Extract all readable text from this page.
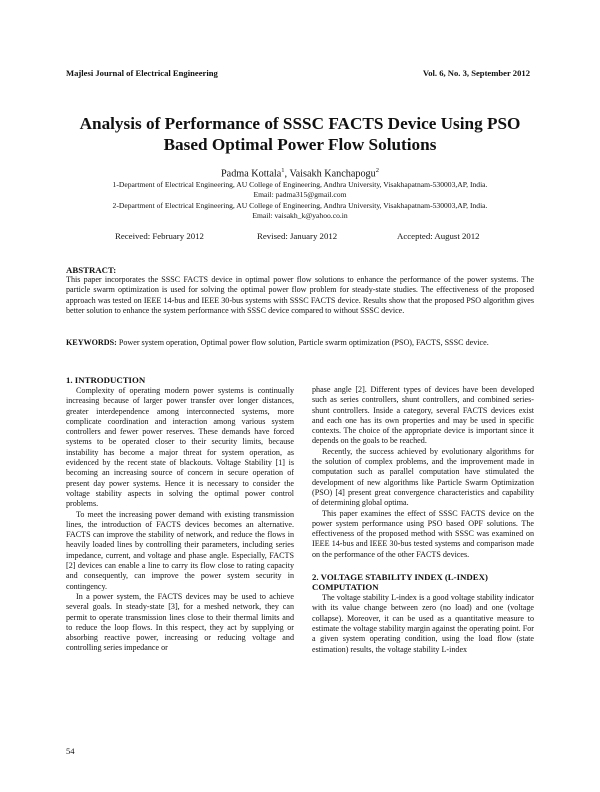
Majlesi Journal of Electrical Engineering	Vol. 6, No. 3, September 2012
Analysis of Performance of SSSC FACTS Device Using PSO
Based Optimal Power Flow Solutions
Padma Kottala$^1$, Vaisakh Kanchapogu$^2$
1-Department of Electrical Engineering, AU College of Engineering, Andhra University, Visakhapatnam-530003,AP, India.
Email: padma315@gmail.com
2-Department of Electrical Engineering, AU College of Engineering, Andhra University, Visakhapatnam-530003,AP, India.
Email: vaisakh_k@yahoo.co.in
Received: February 2012	Revised: January 2012	Accepted: August 2012
ABSTRACT:

This paper incorporates the SSSC FACTS device in optimal power flow solutions to enhance the performance of the power systems. The particle swarm optimization is used for solving the optimal power flow problem for steady-state studies. The effectiveness of the proposed approach was tested on IEEE 14-bus and IEEE 30-bus systems with SSSC FACTS device. Results show that the proposed PSO algorithm gives better solution to enhance the system performance with SSSC device compared to without SSSC device.

KEYWORDS: Power system operation, Optimal power flow solution, Particle swarm optimization (PSO), FACTS, SSSC device.
1. INTRODUCTION

Complexity of operating modern power systems is continually increasing because of larger power transfer over longer distances, greater interdependence among interconnected systems, more complicate coordination and interaction among various system controllers and fewer power reserves. These demands have forced systems to be operated closer to their security limits, because instability has become a major threat for system operation, as evidenced by the recent state of blackouts. Voltage Stability [1] is becoming an increasing source of concern in secure operation of present day power systems. Hence it is necessary to consider the voltage stability aspects in solving the optimal power control problems.

To meet the increasing power demand with existing transmission lines, the introduction of FACTS devices becomes an alternative. FACTS can improve the stability of network, and reduce the flows in heavily loaded lines by controlling their parameters, including series impedance, current, and voltage and phase angle. Especially, FACTS [2] devices can enable a line to carry its flow close to rating capacity and consequently, can improve the power system security in contingency.

In a power system, the FACTS devices may be used to achieve several goals. In steady-state [3], for a meshed network, they can permit to operate transmission lines close to their thermal limits and to reduce the loop flows. In this respect, they act by supplying or absorbing reactive power, increasing or reducing voltage and controlling series impedance or

phase angle [2]. Different types of devices have been developed such as series controllers, shunt controllers, and combined series-shunt controllers. Inside a category, several FACTS devices exist and each one has its own properties and may be used in specific contexts. The choice of the appropriate device is important since it depends on the goals to be reached.

Recently, the success achieved by evolutionary algorithms for the solution of complex problems, and the improvement made in computation such as parallel computation have stimulated the development of new algorithms like Particle Swarm Optimization (PSO) [4] present great convergence characteristics and capability of determining global optima.

This paper examines the effect of SSSC FACTS device on the power system performance using PSO based OPF solutions. The effectiveness of the proposed method with SSSC was examined on IEEE 14-bus and IEEE 30-bus tested systems and comparison made on the performance of the other FACTS devices.

2. VOLTAGE STABILITY INDEX (L-INDEX) COMPUTATION

The voltage stability L-index is a good voltage stability indicator with its value change between zero (no load) and one (voltage collapse). Moreover, it can be used as a quantitative measure to estimate the voltage stability margin against the operating point. For a given system operating condition, using the load flow (state estimation) results, the voltage stability L-index

54
